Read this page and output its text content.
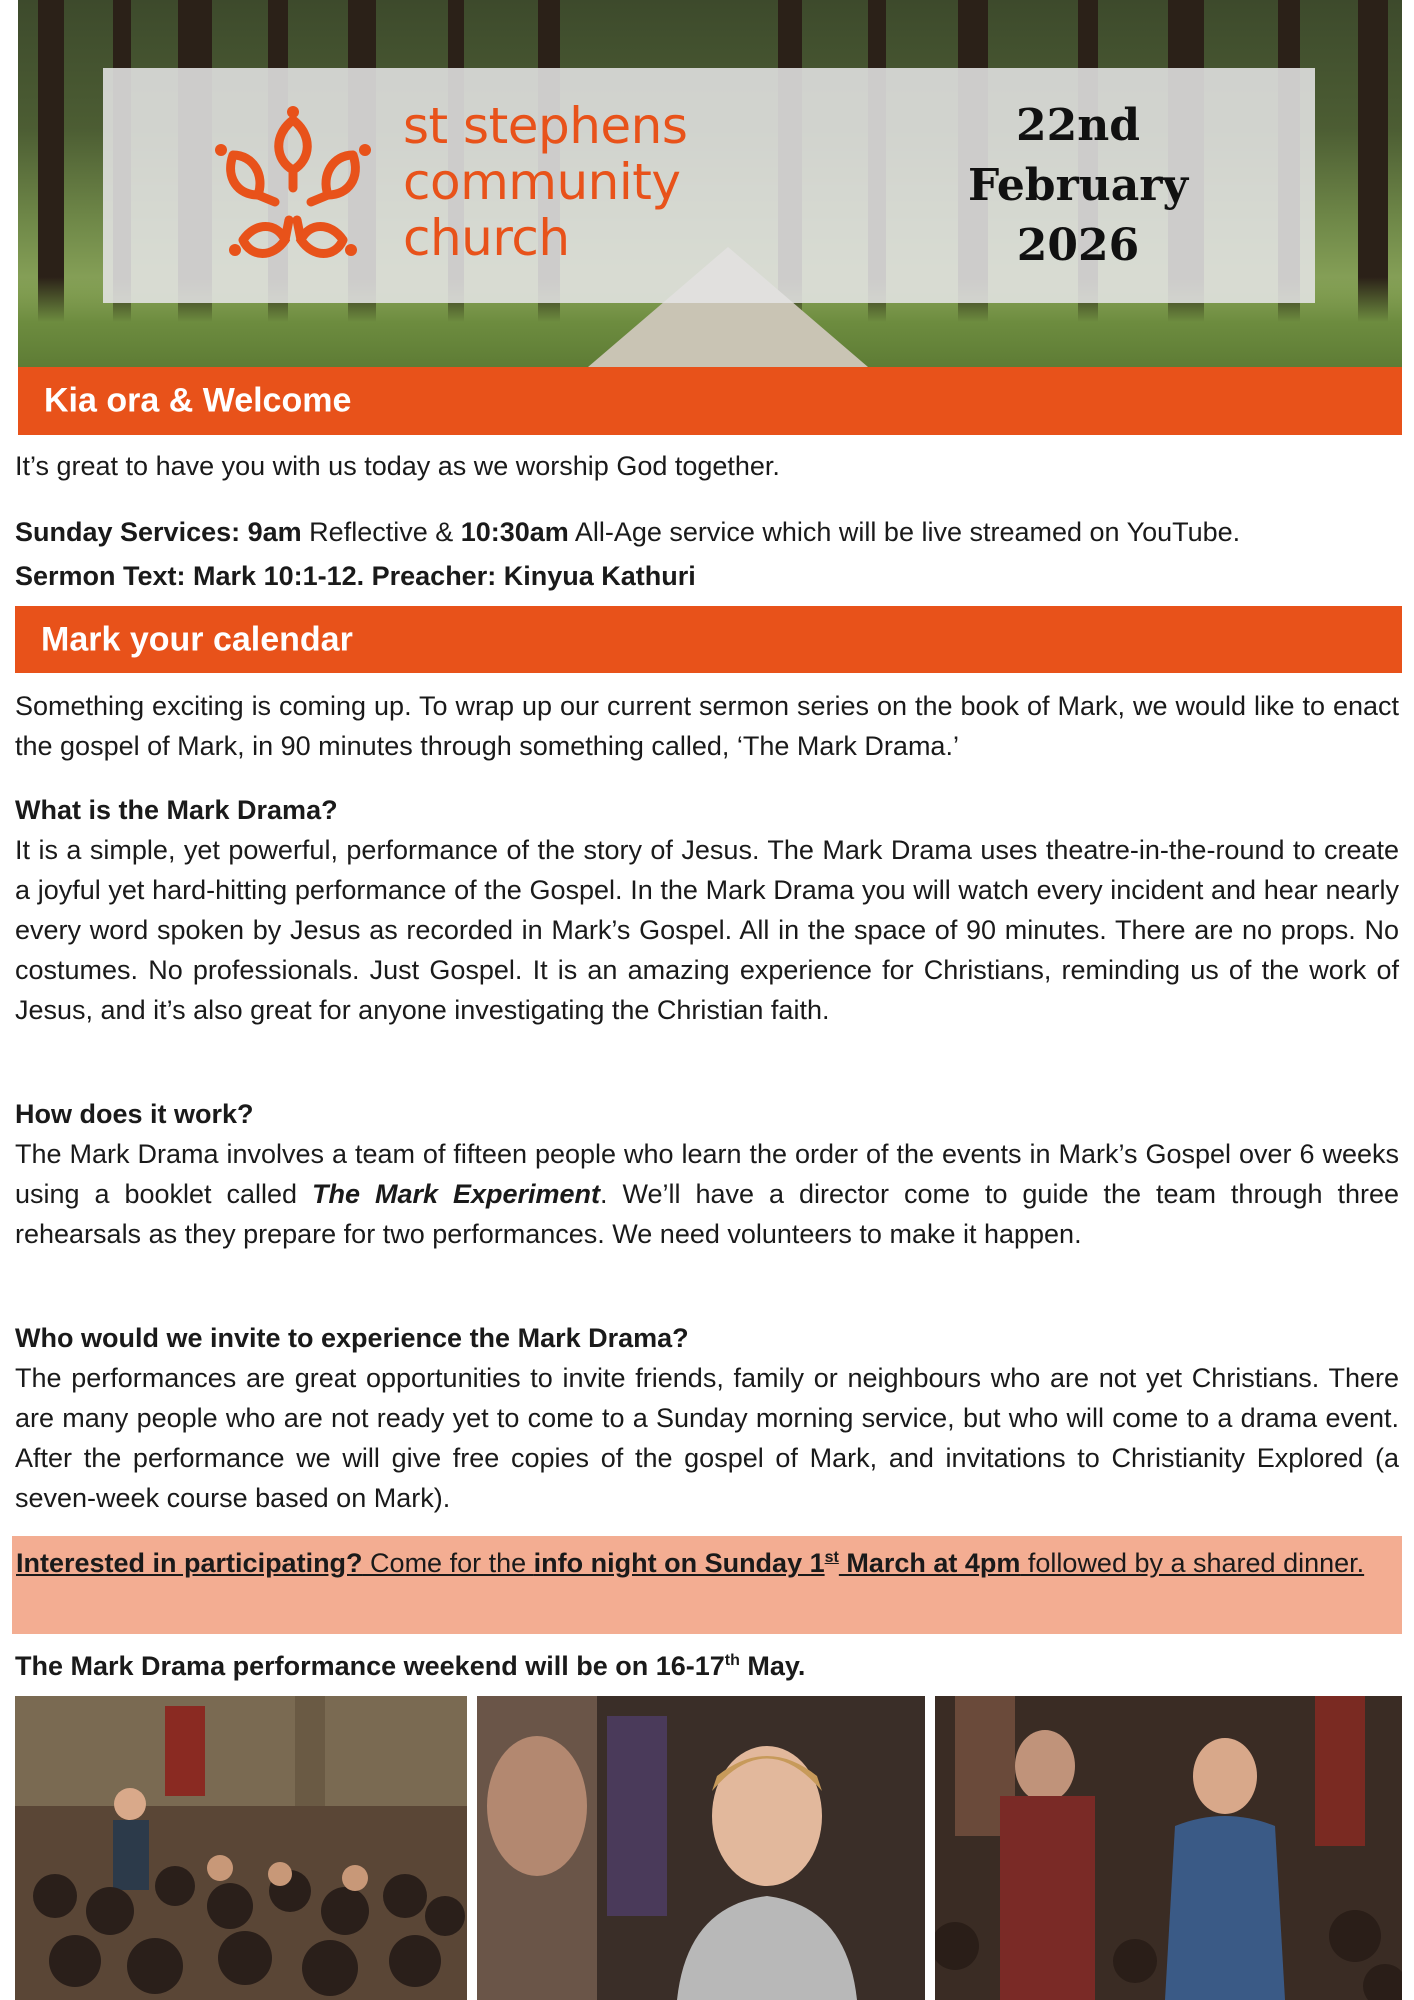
st stephens
community
church
22nd
February
2026
Kia ora & Welcome
It’s great to have you with us today as we worship God together.
Sunday Services: 9am Reflective & 10:30am All-Age service which will be live streamed on YouTube.
Sermon Text: Mark 10:1-12. Preacher: Kinyua Kathuri
Mark your calendar
Something exciting is coming up. To wrap up our current sermon series on the book of Mark, we would like to enact the gospel of Mark, in 90 minutes through something called, ‘The Mark Drama.’
What is the Mark Drama?
It is a simple, yet powerful, performance of the story of Jesus. The Mark Drama uses theatre-in-the-round to create a joyful yet hard-hitting performance of the Gospel. In the Mark Drama you will watch every incident and hear nearly every word spoken by Jesus as recorded in Mark’s Gospel. All in the space of 90 minutes. There are no props. No costumes. No professionals. Just Gospel. It is an amazing experience for Christians, reminding us of the work of Jesus, and it’s also great for anyone investigating the Christian faith.
How does it work?
The Mark Drama involves a team of fifteen people who learn the order of the events in Mark’s Gospel over 6 weeks using a booklet called The Mark Experiment. We’ll have a director come to guide the team through three rehearsals as they prepare for two performances. We need volunteers to make it happen.
Who would we invite to experience the Mark Drama?
The performances are great opportunities to invite friends, family or neighbours who are not yet Christians. There are many people who are not ready yet to come to a Sunday morning service, but who will come to a drama event. After the performance we will give free copies of the gospel of Mark, and invitations to Christianity Explored (a seven-week course based on Mark).
Interested in participating? Come for the info night on Sunday 1st March at 4pm followed by a shared dinner.
The Mark Drama performance weekend will be on 16-17th May.
